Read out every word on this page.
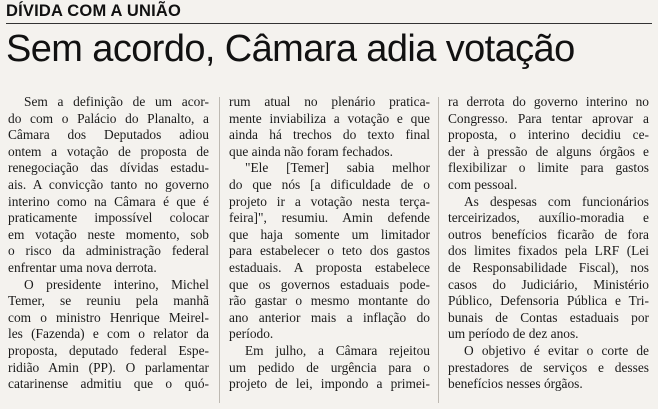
DÍVIDA COM A UNIÃO
Sem acordo, Câmara adia votação
Sem a definição de um acor-
do com o Palácio do Planalto, a
Câmara dos Deputados adiou
ontem a votação de proposta de
renegociação das dívidas estadu-
ais. A convicção tanto no governo
interino como na Câmara é que é
praticamente impossível colocar
em votação neste momento, sob
o risco da administração federal
enfrentar uma nova derrota.
O presidente interino, Michel
Temer, se reuniu pela manhã
com o ministro Henrique Meirel-
les (Fazenda) e com o relator da
proposta, deputado federal Espe-
ridião Amin (PP). O parlamentar
catarinense admitiu que o quó-
rum atual no plenário pratica-
mente inviabiliza a votação e que
ainda há trechos do texto final
que ainda não foram fechados.
"Ele [Temer] sabia melhor
do que nós [a dificuldade de o
projeto ir a votação nesta terça-
feira]", resumiu. Amin defende
que haja somente um limitador
para estabelecer o teto dos gastos
estaduais. A proposta estabelece
que os governos estaduais pode-
rão gastar o mesmo montante do
ano anterior mais a inflação do
período.
Em julho, a Câmara rejeitou
um pedido de urgência para o
projeto de lei, impondo a primei-
ra derrota do governo interino no
Congresso. Para tentar aprovar a
proposta, o interino decidiu ce-
der à pressão de alguns órgãos e
flexibilizar o limite para gastos
com pessoal.
As despesas com funcionários
terceirizados, auxílio-moradia e
outros benefícios ficarão de fora
dos limites fixados pela LRF (Lei
de Responsabilidade Fiscal), nos
casos do Judiciário, Ministério
Público, Defensoria Pública e Tri-
bunais de Contas estaduais por
um período de dez anos.
O objetivo é evitar o corte de
prestadores de serviços e desses
benefícios nesses órgãos.
